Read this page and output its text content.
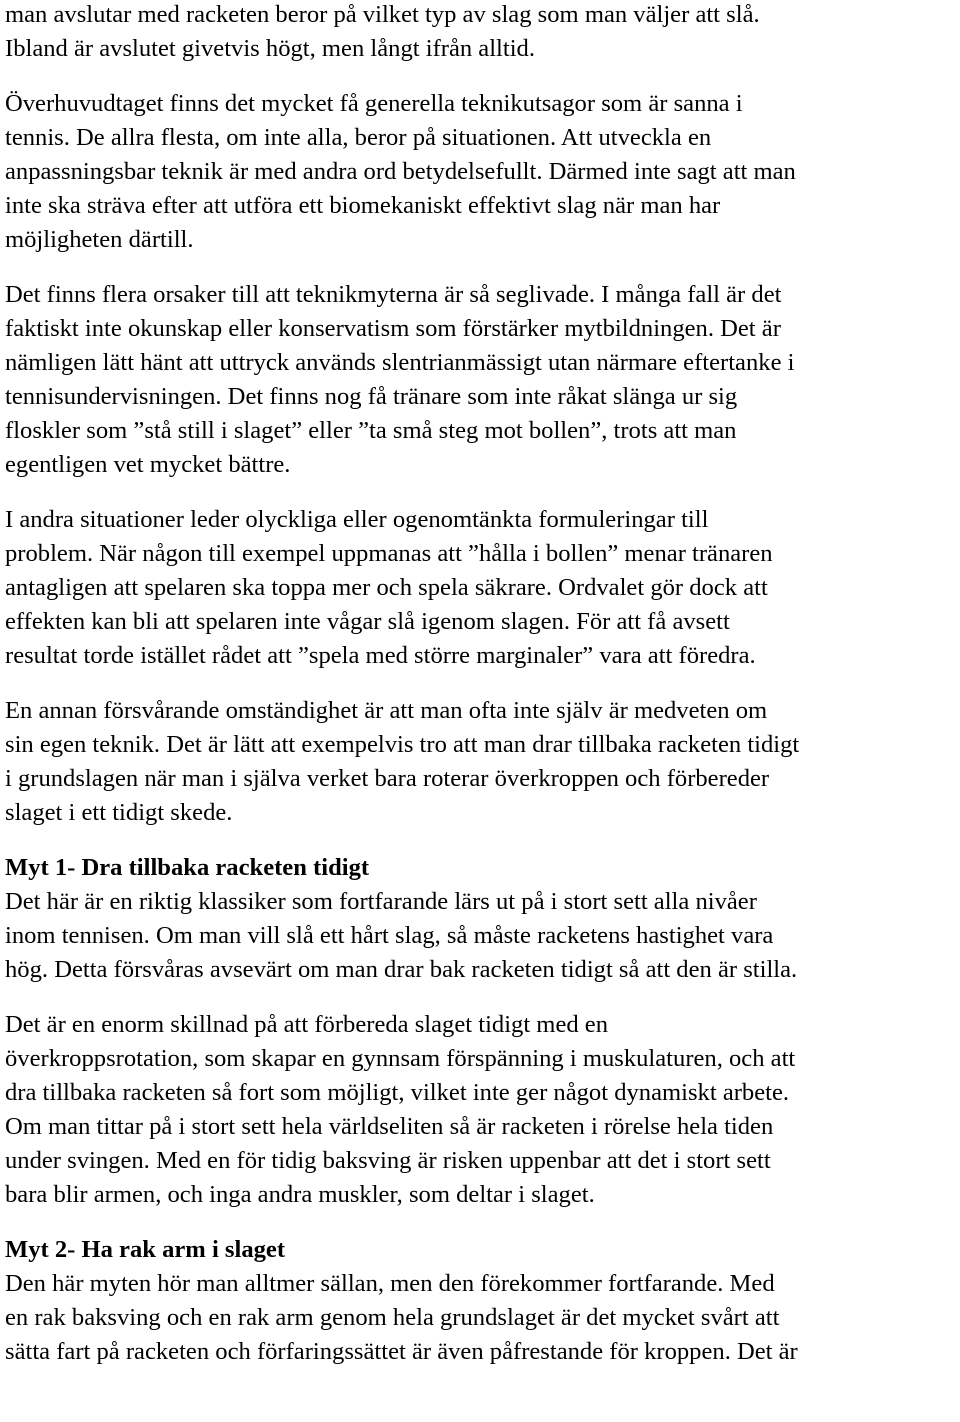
man avslutar med racketen beror på vilket typ av slag som man väljer att slå.
Ibland är avslutet givetvis högt, men långt ifrån alltid.

Överhuvudtaget finns det mycket få generella teknikutsagor som är sanna i
tennis. De allra flesta, om inte alla, beror på situationen. Att utveckla en
anpassningsbar teknik är med andra ord betydelsefullt. Därmed inte sagt att man
inte ska sträva efter att utföra ett biomekaniskt effektivt slag när man har
möjligheten därtill.

Det finns flera orsaker till att teknikmyterna är så seglivade. I många fall är det
faktiskt inte okunskap eller konservatism som förstärker mytbildningen. Det är
nämligen lätt hänt att uttryck används slentrianmässigt utan närmare eftertanke i
tennisundervisningen. Det finns nog få tränare som inte råkat slänga ur sig
floskler som ”stå still i slaget” eller ”ta små steg mot bollen”, trots att man
egentligen vet mycket bättre.

I andra situationer leder olyckliga eller ogenomtänkta formuleringar till
problem. När någon till exempel uppmanas att ”hålla i bollen” menar tränaren
antagligen att spelaren ska toppa mer och spela säkrare. Ordvalet gör dock att
effekten kan bli att spelaren inte vågar slå igenom slagen. För att få avsett
resultat torde istället rådet att ”spela med större marginaler” vara att föredra.

En annan försvårande omständighet är att man ofta inte själv är medveten om
sin egen teknik. Det är lätt att exempelvis tro att man drar tillbaka racketen tidigt
i grundslagen när man i själva verket bara roterar överkroppen och förbereder
slaget i ett tidigt skede.

Myt 1- Dra tillbaka racketen tidigt

Det här är en riktig klassiker som fortfarande lärs ut på i stort sett alla nivåer
inom tennisen. Om man vill slå ett hårt slag, så måste racketens hastighet vara
hög. Detta försvåras avsevärt om man drar bak racketen tidigt så att den är stilla.

Det är en enorm skillnad på att förbereda slaget tidigt med en
överkroppsrotation, som skapar en gynnsam förspänning i muskulaturen, och att
dra tillbaka racketen så fort som möjligt, vilket inte ger något dynamiskt arbete.
Om man tittar på i stort sett hela världseliten så är racketen i rörelse hela tiden
under svingen. Med en för tidig baksving är risken uppenbar att det i stort sett
bara blir armen, och inga andra muskler, som deltar i slaget.

Myt 2- Ha rak arm i slaget

Den här myten hör man alltmer sällan, men den förekommer fortfarande. Med
en rak baksving och en rak arm genom hela grundslaget är det mycket svårt att
sätta fart på racketen och förfaringssättet är även påfrestande för kroppen. Det är
